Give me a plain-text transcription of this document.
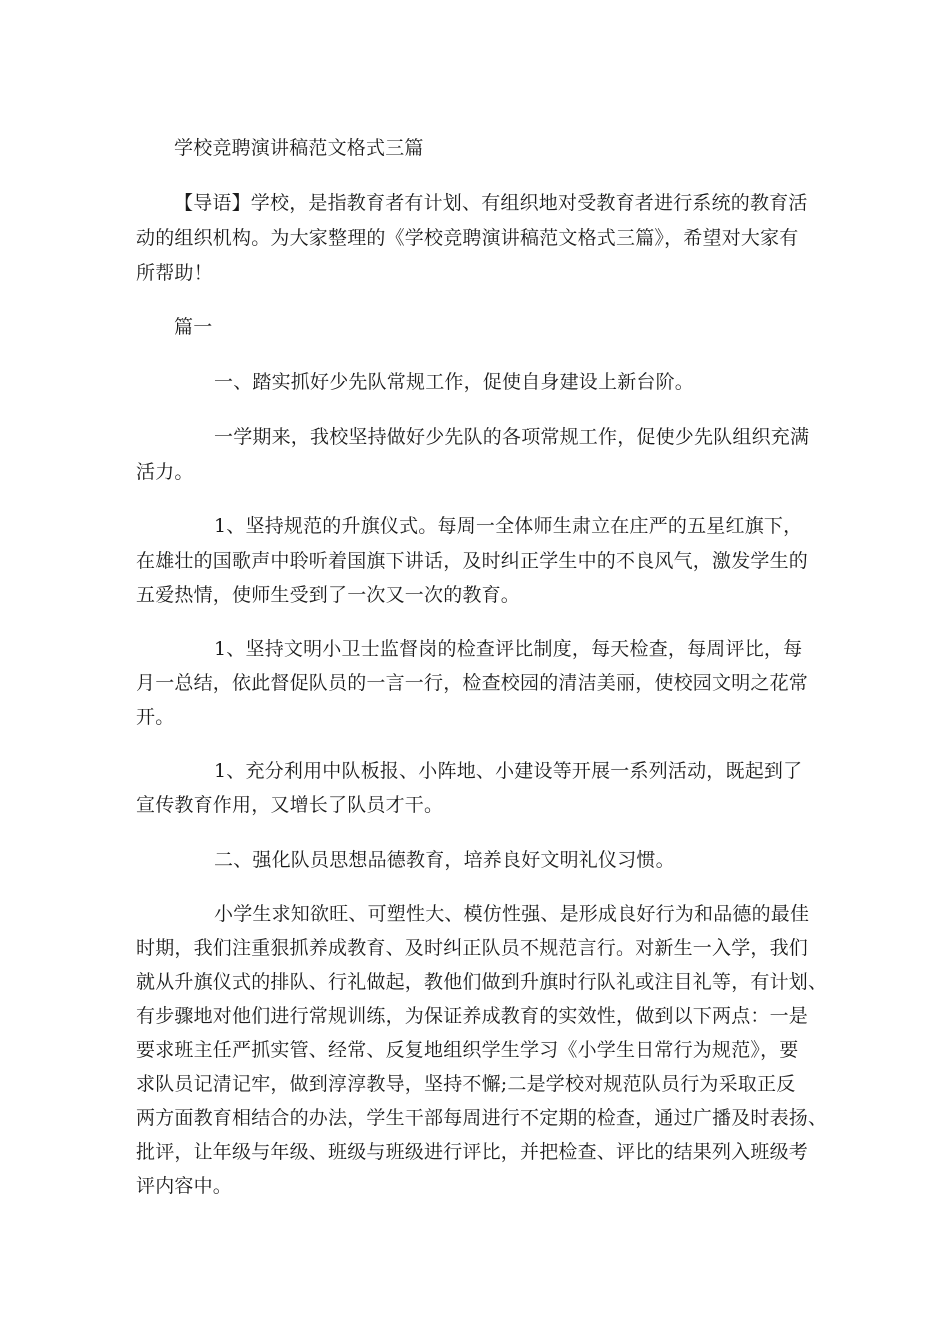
学校竞聘演讲稿范文格式三篇
【导语】学校，是指教育者有计划、有组织地对受教育者进行系统的教育活
动的组织机构。为大家整理的《学校竞聘演讲稿范文格式三篇》，希望对大家有
所帮助！
篇一
一、踏实抓好少先队常规工作，促使自身建设上新台阶。
一学期来，我校坚持做好少先队的各项常规工作，促使少先队组织充满
活力。
1、坚持规范的升旗仪式。每周一全体师生肃立在庄严的五星红旗下，
在雄壮的国歌声中聆听着国旗下讲话，及时纠正学生中的不良风气，激发学生的
五爱热情，使师生受到了一次又一次的教育。
1、坚持文明小卫士监督岗的检查评比制度，每天检查，每周评比，每
月一总结，依此督促队员的一言一行，检查校园的清洁美丽，使校园文明之花常
开。
1、充分利用中队板报、小阵地、小建设等开展一系列活动，既起到了
宣传教育作用，又增长了队员才干。
二、强化队员思想品德教育，培养良好文明礼仪习惯。
小学生求知欲旺、可塑性大、模仿性强、是形成良好行为和品德的最佳
时期，我们注重狠抓养成教育、及时纠正队员不规范言行。对新生一入学，我们
就从升旗仪式的排队、行礼做起，教他们做到升旗时行队礼或注目礼等，有计划、
有步骤地对他们进行常规训练，为保证养成教育的实效性，做到以下两点：一是
要求班主任严抓实管、经常、反复地组织学生学习《小学生日常行为规范》，要
求队员记清记牢，做到淳淳教导，坚持不懈;二是学校对规范队员行为采取正反
两方面教育相结合的办法，学生干部每周进行不定期的检查，通过广播及时表扬、
批评，让年级与年级、班级与班级进行评比，并把检查、评比的结果列入班级考
评内容中。
